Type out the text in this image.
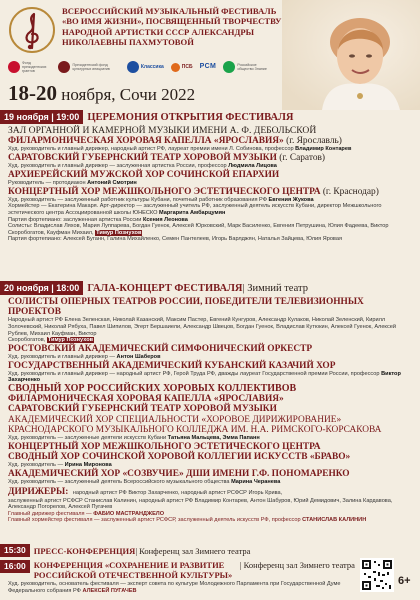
ВСЕРОССИЙСКИЙ МУЗЫКАЛЬНЫЙ ФЕСТИВАЛЬ
«ВО ИМЯ ЖИЗНИ», ПОСВЯЩЕННЫЙ ТВОРЧЕСТВУ
НАРОДНОЙ АРТИСТКИ СССР АЛЕКСАНДРЫ
НИКОЛАЕВНЫ ПАХМУТОВОЙ
Фонд президентских грантов
Президентский фонд культурных инициатив	Классика	ПСБ РСМ	Российское общество Знание
18-20 ноября, Сочи 2022
19 ноября | 19:00 ЦЕРЕМОНИЯ ОТКРЫТИЯ ФЕСТИВАЛЯ
ЗАЛ ОРГАННОЙ И КАМЕРНОЙ МУЗЫКИ ИМЕНИ А. Ф. ДЕБОЛЬСКОЙ
ФИЛАРМОНИЧЕСКАЯ ХОРОВАЯ КАПЕЛЛА «ЯРОСЛАВИЯ» (г. Ярославль)
Худ. руководитель и главный дирижер, народный артист РФ, лауреат премии имени Л. Собинова, профессор Владимир Контарев
САРАТОВСКИЙ ГУБЕРНСКИЙ ТЕАТР ХОРОВОЙ МУЗЫКИ (г. Саратов)
Худ. руководитель и главный дирижер — заслуженная артистка России, профессор Людмила Лицова
АРХИЕРЕЙСКИЙ МУЖСКОЙ ХОР СОЧИНСКОЙ ЕПАРХИИ
Руководитель — протодиакон Антоний Смотрин
КОНЦЕРТНЫЙ ХОР МЕЖШКОЛЬНОГО ЭСТЕТИЧЕСКОГО ЦЕНТРА (г. Краснодар)
Худ. руководитель — заслуженный работник культуры Кубани, почетный работник образования РФ Евгения Жукова
Хормейстер — Екатерина Макаря. Арт-директор — заслуженный учитель РФ, заслуженный деятель искусств Кубани, директор Межшкольного эстетического центра Ассоциированной школы ЮНЕСКО Маргарита Амбарцумян
Партия фортепиано: заслуженная артистка России Ксения Леонова
Солисты: Владислав Ляхов, Мария Луппарева, Богдан Гуенок, Алексей Юрковский, Марк Василенко, Евгения Петрушина, Юлия Фадеева, Виктор Скоробогатов, Кауфман Михаил, Тимур Познухов
Партия фортепиано: Алексей Буганн, Галина Михайленко, Семен Пантелеев, Игорь Варлджян, Наталья Зайцева, Юлия Яровая
20 ноября | 18:00 ГАЛА-КОНЦЕРТ ФЕСТИВАЛЯ | Зимний театр
СОЛИСТЫ ОПЕРНЫХ ТЕАТРОВ РОССИИ, ПОБЕДИТЕЛИ ТЕЛЕВИЗИОННЫХ ПРОЕКТОВ
Народный артист РФ Елена Зеленская, Николай Казанский, Максим Пастер, Евгений Кунгуров, Александр Кулаков, Николай Зеленский, Кирилл Золочевский, Николай Рябуха, Павел Шипилов, Эгерт Бершаиели, Александр Швецов, Богдан Гуенок, Владислав Кутюкин, Алексей Гуенок, Алексей Рублев, Михаил Кауфман, Виктор
Скоробогатов, Тимур Познухов
РОСТОВСКИЙ АКАДЕМИЧЕСКИЙ СИМФОНИЧЕСКИЙ ОРКЕСТР
Худ. руководитель и главный дирижер — Антон Шаберов
ГОСУДАРСТВЕННЫЙ АКАДЕМИЧЕСКИЙ КУБАНСКИЙ КАЗАЧИЙ ХОР
Худ. руководитель и главный дирижер — народный артист РФ, Герой Труда РФ, дважды лауреат Государственной премии России, профессор Виктор Захарченко
СВОДНЫЙ ХОР РОССИЙСКИХ ХОРОВЫХ КОЛЛЕКТИВОВ
ФИЛАРМОНИЧЕСКАЯ ХОРОВАЯ КАПЕЛЛА «ЯРОСЛАВИЯ»
САРАТОВСКИЙ ГУБЕРНСКИЙ ТЕАТР ХОРОВОЙ МУЗЫКИ
АКАДЕМИЧЕСКИЙ ХОР СПЕЦИАЛЬНОСТИ «ХОРОВОЕ ДИРИЖИРОВАНИЕ»
КРАСНОДАРСКОГО МУЗЫКАЛЬНОГО КОЛЛЕДЖА ИМ. Н.А. РИМСКОГО-КОРСАКОВА
Худ. руководитель — заслуженные деятели искусств Кубани Татьяна Мальцева, Эмма Папанн
КОНЦЕРТНЫЙ ХОР МЕЖШКОЛЬНОГО ЭСТЕТИЧЕСКОГО ЦЕНТРА
СВОДНЫЙ ХОР СОЧИНСКОЙ ХОРОВОЙ КОЛЛЕГИИ ИСКУССТВ «БРАВО»
Худ. руководитель — Ирина Миронова
АКАДЕМИЧЕСКИЙ ХОР «СОЗВУЧИЕ» ДШИ ИМЕНИ Г.Ф. ПОНОМАРЕНКО
Худ. руководитель — заслуженный деятель Всероссийского музыкального общества Марина Черанева
ДИРИЖЕРЫ: народный артист РФ Виктор Захарченко, народный артист РСФСР Игорь Крива,
заслуженный артист РСФСР Станислав Калинин, народный артист РФ Владимир Контарев, Антон Шабуров, Юрий Демидович, Залина Кардавова, Александр Погорелов, Алексей Пугачев
Главный дирижер фестиваля — ФАБИО МАСТРАНДЖЕЛО
Главный хормейстер фестиваля — заслуженный артист РСФСР, заслуженный деятель искусств РФ, профессор СТАНИСЛАВ КАЛИНИН
15:30 ПРЕСС-КОНФЕРЕНЦИЯ | Конференц зал Зимнего театра
16:00 КОНФЕРЕНЦИЯ «СОХРАНЕНИЕ И РАЗВИТИЕ РОССИЙСКОЙ ОТЕЧЕСТВЕННОЙ КУЛЬТУРЫ»
| Конференц зал Зимнего театра
Худ. руководитель, основатель фестиваля — эксперт совета по культуре Молодежного Парламента при Государственной Думе Федерального собрания РФ АЛЕКСЕЙ ПУГАЧЕВ
6+
